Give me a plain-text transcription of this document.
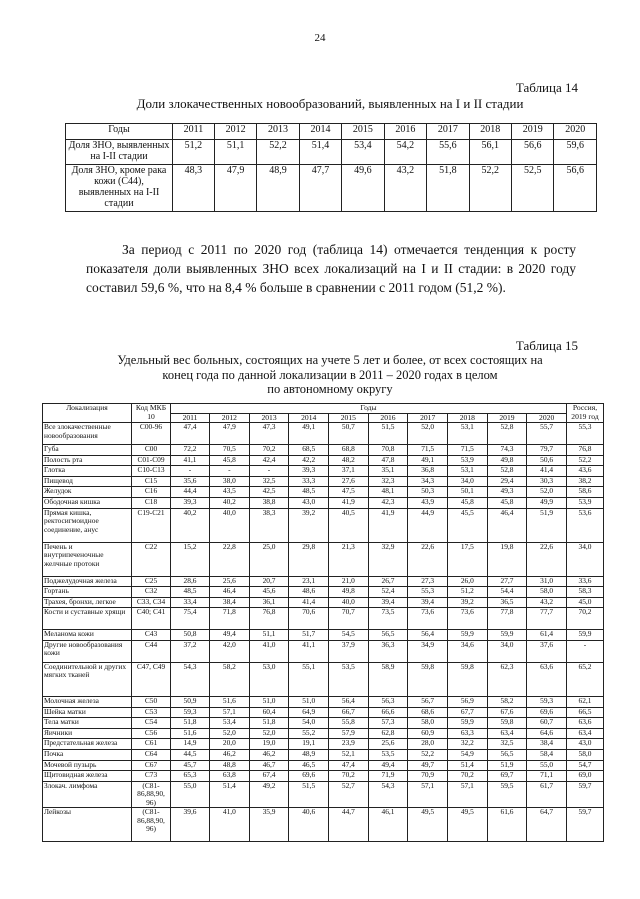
24
Таблица 14
Доли злокачественных новообразований, выявленных на I и II стадии
Годы	2011	2012	2013	2014	2015	2016	2017	2018	2019	2020
Доля ЗНО, выявленных на I-II стадии	51,2	51,1	52,2	51,4	53,4	54,2	55,6	56,1	56,6	59,6
Доля ЗНО, кроме рака кожи (С44), выявленных на I-II стадии	48,3	47,9	48,9	47,7	49,6	43,2	51,8	52,2	52,5	56,6
За период с 2011 по 2020 год (таблица 14) отмечается тенденция к росту показателя доли выявленных ЗНО всех локализаций на I и II стадии: в 2020 году составил 59,6 %, что на 8,4 % больше в сравнении с 2011 годом (51,2 %).
Таблица 15
Удельный вес больных, состоящих на учете 5 лет и более, от всех состоящих на
конец года по данной локализации в 2011 – 2020 годах в целом
по автономному округу
Локализация	Код МКБ 10	Годы										Россия, 2019 год
		2011	2012	2013	2014	2015	2016	2017	2018	2019	2020	
Все злокачественные новообразования	С00-96	47,4	47,9	47,3	49,1	50,7	51,5	52,0	53,1	52,8	55,7	55,3
Губа	С00	72,2	70,5	70,2	68,5	68,8	70,8	71,5	71,5	74,3	79,7	76,8
Полость рта	С01-С09	41,1	45,8	42,4	42,2	48,2	47,8	49,1	53,9	49,8	50,6	52,2
Глотка	С10-С13	-	-	-	39,3	37,1	35,1	36,8	53,1	52,8	41,4	43,6
Пищевод	С15	35,6	38,0	32,5	33,3	27,6	32,3	34,3	34,0	29,4	30,3	38,2
Желудок	С16	44,4	43,5	42,5	48,5	47,5	48,1	50,3	50,1	49,3	52,0	58,6
Ободочная кишка	С18	39,3	40,2	38,8	43,0	41,9	42,3	43,9	45,8	45,8	49,9	53,9
Прямая кишка, ректосигмоидное соединение, анус	С19-С21	40,2	40,0	38,3	39,2	40,5	41,9	44,9	45,5	46,4	51,9	53,6
Печень и внутрипеченочные желчные протоки	С22	15,2	22,8	25,0	29,8	21,3	32,9	22,6	17,5	19,8	22,6	34,0
Поджелудочная железа	С25	28,6	25,6	20,7	23,1	21,0	26,7	27,3	26,0	27,7	31,0	33,6
Гортань	С32	48,5	46,4	45,6	48,6	49,8	52,4	55,3	51,2	54,4	58,0	58,3
Трахея, бронхи, легкое	С33, С34	33,4	38,4	36,1	41,4	40,0	39,4	39,4	39,2	36,5	43,2	45,0
Кости и суставные хрящи	С40; С41	75,4	71,8	76,8	70,6	70,7	73,5	73,6	73,6	77,8	77,7	70,2
Меланома кожи	С43	50,8	49,4	51,1	51,7	54,5	56,5	56,4	59,9	59,9	61,4	59,9
Другие новообразования кожи	С44	37,2	42,0	41,0	41,1	37,9	36,3	34,9	34,6	34,0	37,6	-
Соединительной и других мягких тканей	С47, С49	54,3	58,2	53,0	55,1	53,5	58,9	59,8	59,8	62,3	63,6	65,2
Молочная железа	С50	50,9	51,6	51,0	51,0	56,4	56,3	56,7	56,9	58,2	59,3	62,1
Шейка матки	С53	59,3	57,1	60,4	64,9	66,7	66,6	68,6	67,7	67,6	69,6	66,5
Тела матки	С54	51,8	53,4	51,8	54,0	55,8	57,3	58,0	59,9	59,8	60,7	63,6
Яичники	С56	51,6	52,0	52,0	55,2	57,9	62,8	60,9	63,3	63,4	64,6	63,4
Предстательная железа	С61	14,9	20,0	19,0	19,1	23,9	25,6	28,0	32,2	32,5	38,4	43,0
Почка	С64	44,5	46,2	46,2	48,9	52,1	53,5	52,2	54,9	56,5	58,4	58,0
Мочевой пузырь	С67	45,7	48,8	46,7	46,5	47,4	49,4	49,7	51,4	51,9	55,0	54,7
Щитовидная железа	С73	65,3	63,8	67,4	69,6	70,2	71,9	70,9	70,2	69,7	71,1	69,0
Злокач. лимфома	(С81-86,88,90, 96)	55,0	51,4	49,2	51,5	52,7	54,3	57,1	57,1	59,5	61,7	59,7
Лейкозы	(С81-86,88,90, 96)	39,6	41,0	35,9	40,6	44,7	46,1	49,5	49,5	61,6	64,7	59,7
